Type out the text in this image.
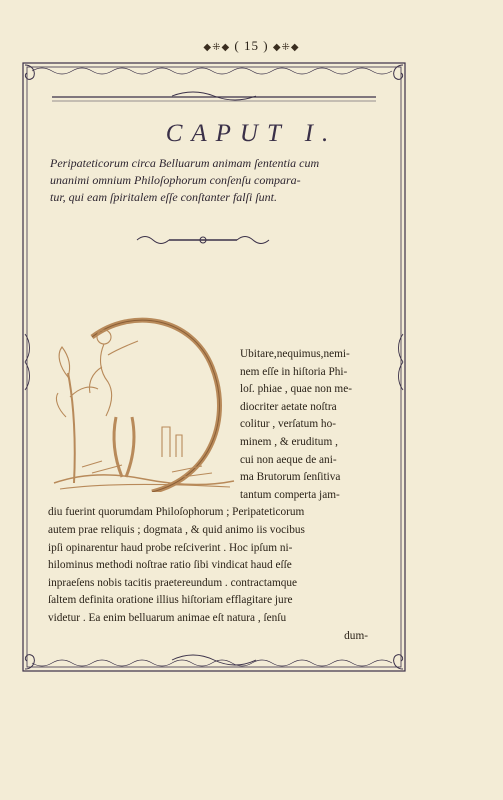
◆⁜◆ ( 15 ) ◆⁜◆
CAPUT I.
Peripateticorum circa Belluarum animam ſententia cum
unanimi omnium Philoſophorum conſenſu compara-
tur, qui eam ſpiritalem eſſe conſtanter falſi ſunt.
Ubitare,nequimus,nemi-
nem eſſe in hiſtoria Phi-
loſ. phiae , quae non me-
diocriter aetate noſtra
colitur , verſatum ho-
minem , & eruditum ,
cui non aeque de ani-
ma Brutorum ſenſitiva
tantum comperta jam-
diu fuerint quorumdam Philoſophorum ; Peripateticorum
autem prae reliquis ; dogmata , & quid animo iis vocibus
ipſi opinarentur haud probe reſciverint . Hoc ipſum ni-
hilominus methodi noſtrae ratio ſibi vindicat haud eſſe
inpraeſens nobis tacitis praetereundum . contractamque
ſaltem definita oratione illius hiſtoriam efflagitare jure
videtur . Ea enim belluarum animae eſt natura , ſenſu
dum-
